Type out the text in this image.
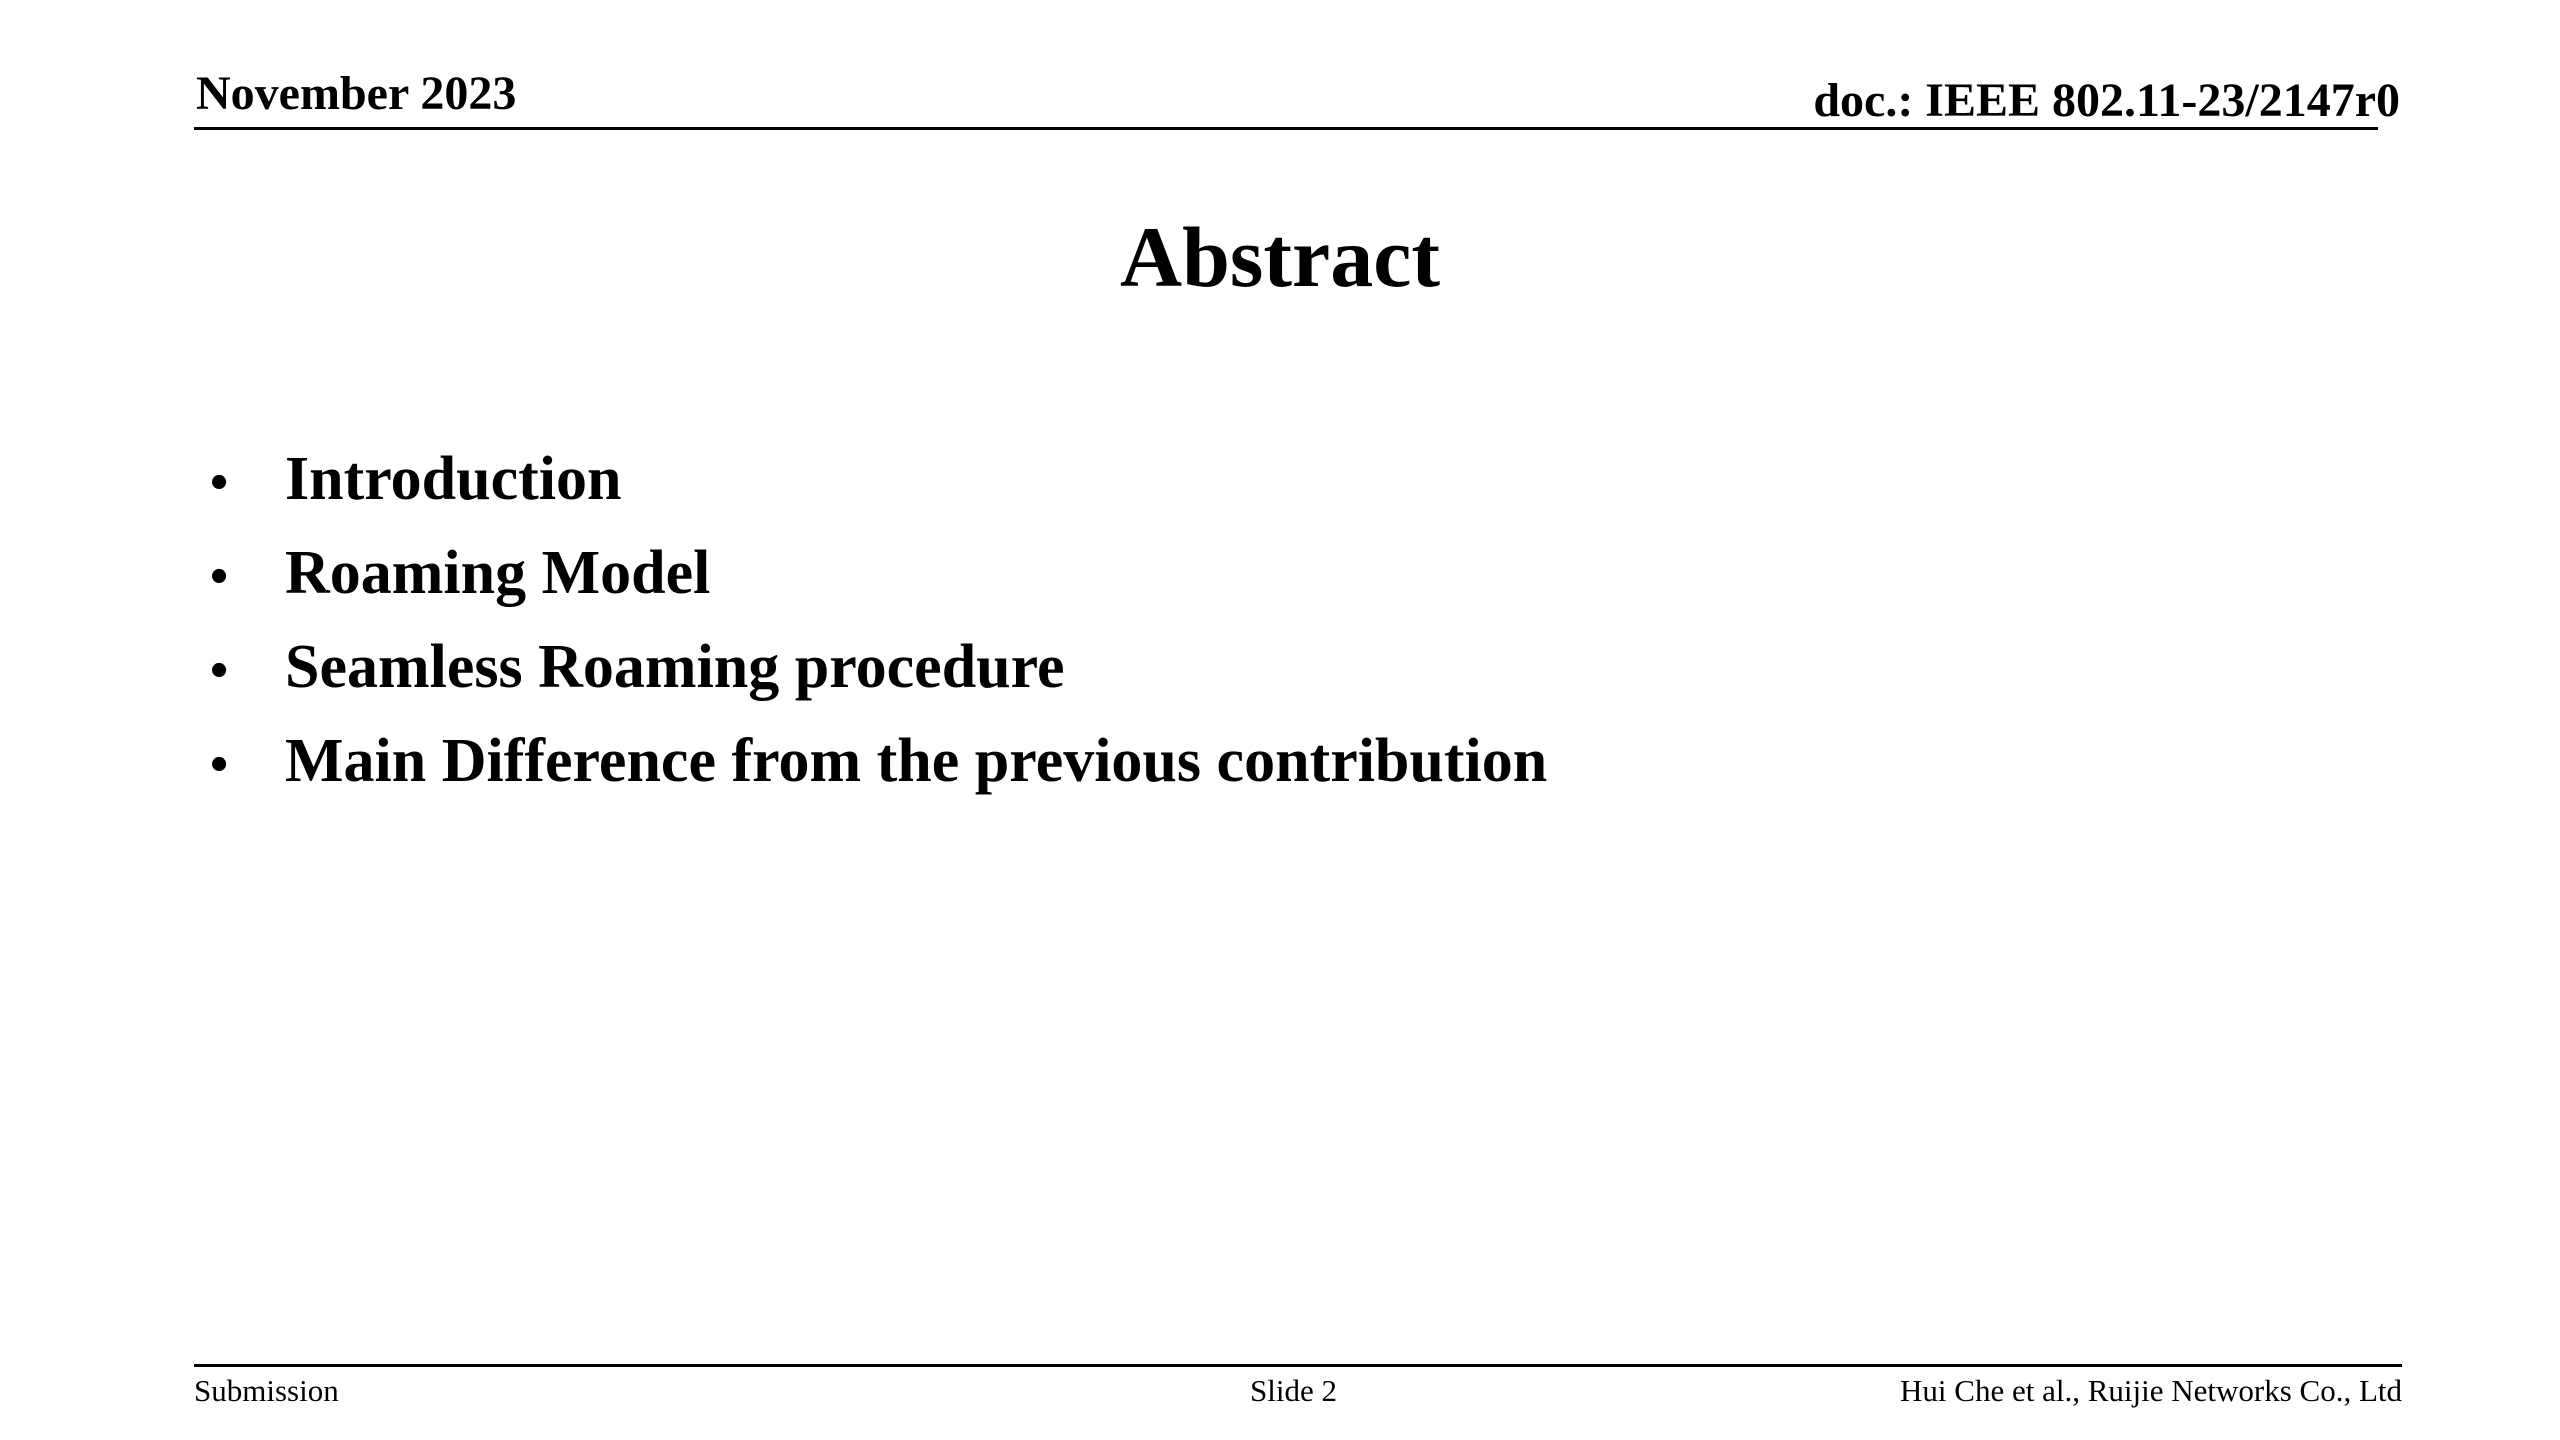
November 2023	doc.: IEEE 802.11-23/2147r0
Abstract
• Introduction
• Roaming Model
• Seamless Roaming procedure
• Main Difference from the previous contribution
Submission	Slide 2	Hui Che et al., Ruijie Networks Co., Ltd
